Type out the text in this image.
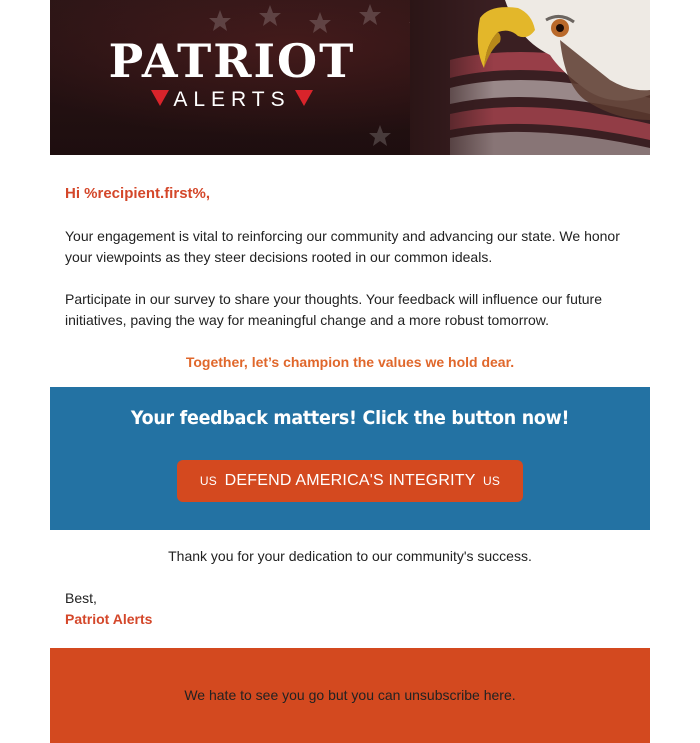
PATRIOT
ALERTS

Hi %recipient.first%,

Your engagement is vital to reinforcing our community and advancing our state. We honor your viewpoints as they steer decisions rooted in our common ideals.

Participate in our survey to share your thoughts. Your feedback will influence our future initiatives, paving the way for meaningful change and a more robust tomorrow.

Together, let’s champion the values we hold dear.

Your feedback matters! Click the button now!
US DEFEND AMERICA'S INTEGRITY US
Thank you for your dedication to our community's success.
Best,
Patriot Alerts
We hate to see you go but you can unsubscribe here.
